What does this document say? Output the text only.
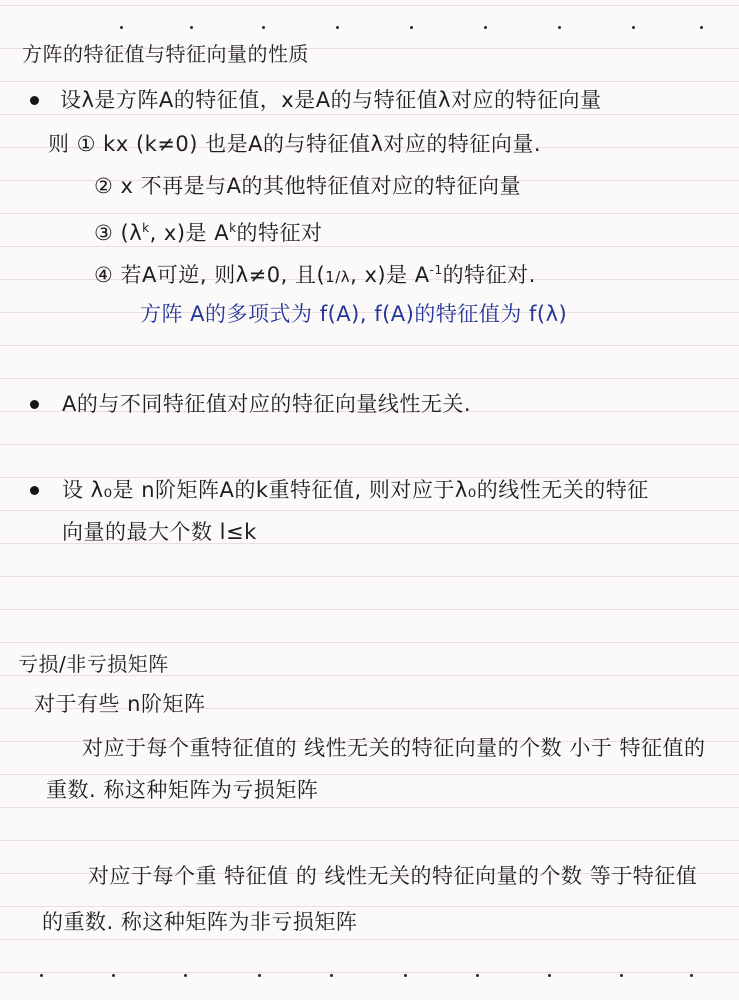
方阵的特征值与特征向量的性质
设λ是方阵A的特征值，x是A的与特征值λ对应的特征向量
则 ① kx (k≠0) 也是A的与特征值λ对应的特征向量.
② x 不再是与A的其他特征值对应的特征向量
③ ($\lambda^k$, x)是 $A^k$的特征对
④ 若A可逆, 则λ≠0, 且(1/λ, x)是 $A^{-1}$的特征对.
方阵 A的多项式为 f(A), f(A)的特征值为 f(λ)
A的与不同特征值对应的特征向量线性无关.
设 λ₀是 n阶矩阵A的k重特征值, 则对应于λ₀的线性无关的特征
向量的最大个数 l≤k
亏损/非亏损矩阵
对于有些 n阶矩阵
对应于每个重特征值的 线性无关的特征向量的个数 小于 特征值的
重数. 称这种矩阵为亏损矩阵
对应于每个重 特征值 的 线性无关的特征向量的个数 等于特征值
的重数. 称这种矩阵为非亏损矩阵
